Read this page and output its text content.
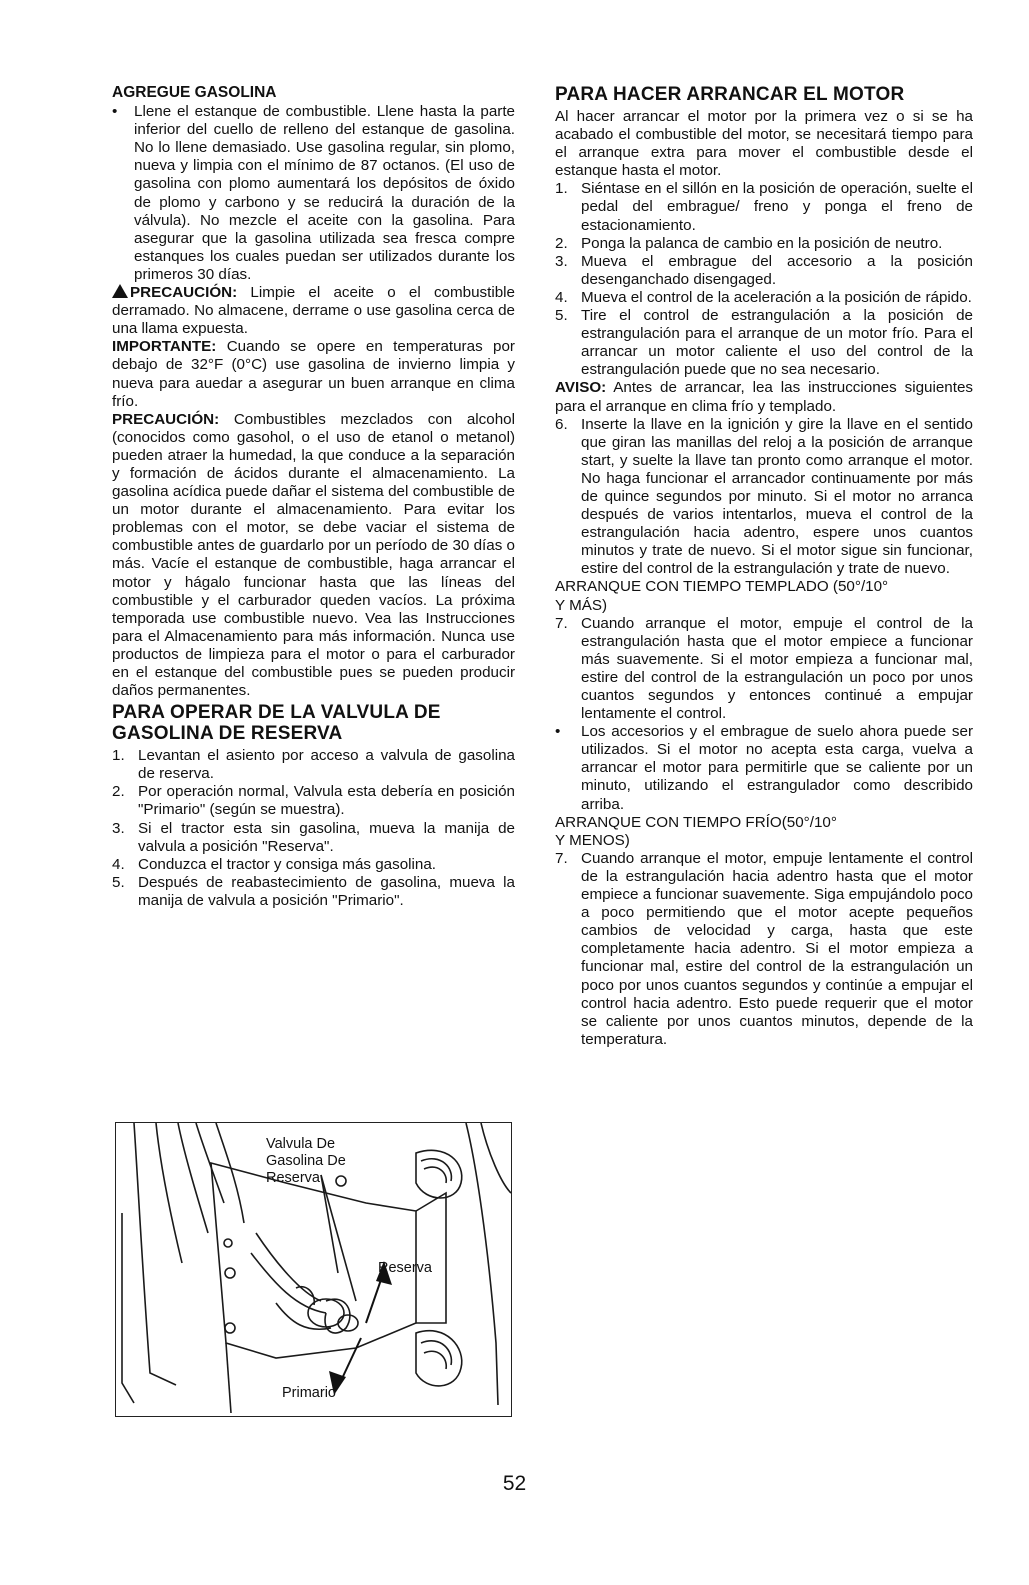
AGREGUE GASOLINA
•	Llene el estanque de combustible. Llene hasta la parte inferior del cuello de relleno del estanque de gasolina. No lo llene demasiado. Use gasolina regular, sin plomo, nueva y limpia con el mínimo de 87 octanos. (El uso de gasolina con plomo aumentará los depósitos de óxido de plomo y carbono y se reducirá la duración de la válvula). No mezcle el aceite con la gasolina. Para asegurar que la gasolina utilizada sea fresca compre estanques los cuales puedan ser utilizados durante los primeros 30 días.

PRECAUCIÓN: Limpie el aceite o el combustible derramado. No almacene, derrame o use gasolina cerca de una llama expuesta.

IMPORTANTE: Cuando se opere en temperaturas por debajo de 32°F (0°C) use gasolina de invierno limpia y nueva para auedar a asegurar un buen arranque en clima frío.

PRECAUCIÓN: Combustibles mezclados con alcohol (conocidos como gasohol, o el uso de etanol o metanol) pueden atraer la humedad, la que conduce a la separación y formación de ácidos durante el almacenamiento. La gasolina acídica puede dañar el sistema del combustible de un motor durante el almacenamiento. Para evitar los problemas con el motor, se debe vaciar el sistema de combustible antes de guardarlo por un período de 30 días o más. Vacíe el estanque de combustible, haga arrancar el motor y hágalo funcionar hasta que las líneas del combustible y el carburador queden vacíos. La próxima temporada use combustible nuevo. Vea las Instrucciones para el Almacenamiento para más información. Nunca use productos de limpieza para el motor o para el carburador en el estanque del combustible pues se pueden producir daños permanentes.

PARA OPERAR DE LA VALVULA DE GASOLINA DE RESERVA
1. Levantan el asiento por acceso a valvula de gasolina de reserva.
2. Por operación normal, Valvula esta debería en posición "Primario" (según se muestra).
3. Si el tractor esta sin gasolina, mueva la manija de valvula a posición "Reserva".
4. Conduzca el tractor y consiga más gasolina.
5. Después de reabastecimiento de gasolina, mueva la manija de valvula a posición "Primario".
Valvula De
Gasolina De
Reserva
Reserva
Primario
PARA HACER ARRANCAR EL MOTOR

Al hacer arrancar el motor por la primera vez o si se ha acabado el combustible del motor, se necesitará tiempo para el arranque extra para mover el combustible desde el estanque hasta el motor.

1. Siéntase en el sillón en la posición de operación, suelte el pedal del embrague/ freno y ponga el freno de estacionamiento.
2. Ponga la palanca de cambio en la posición de neutro.
3. Mueva el embrague del accesorio a la posición desenganchado disengaged.
4. Mueva el control de la aceleración a la posición de rápido.
5. Tire el control de estrangulación a la posición de estrangulación para el arranque de un motor frío. Para el arrancar un motor caliente el uso del control de la estrangulación puede que no sea necesario.

AVISO: Antes de arrancar, lea las instrucciones siguientes para el arranque en clima frío y templado.

6. Inserte la llave en la ignición y gire la llave en el sentido que giran las manillas del reloj a la posición de arranque start, y suelte la llave tan pronto como arranque el motor. No haga funcionar el arrancador continuamente por más de quince segundos por minuto. Si el motor no arranca después de varios intentarlos, mueva el control de la estrangulación hacia adentro, espere unos cuantos minutos y trate de nuevo. Si el motor sigue sin funcionar, estire del control de la estrangulación y trate de nuevo.
ARRANQUE CON TIEMPO TEMPLADO (50°/10°
Y MÁS)
7. Cuando arranque el motor, empuje el control de la estrangulación hasta que el motor empiece a funcionar más suavemente. Si el motor empieza a funcionar mal, estire del control de la estrangulación un poco por unos cuantos segundos y entonces continué a empujar lentamente el control.
•	Los accesorios y el embrague de suelo ahora puede ser utilizados. Si el motor no acepta esta carga, vuelva a arrancar el motor para permitirle que se caliente por un minuto, utilizando el estrangulador como describido arriba.
ARRANQUE CON TIEMPO FRÍO(50°/10°
Y MENOS)
7. Cuando arranque el motor, empuje lentamente el control de la estrangulación hacia adentro hasta que el motor empiece a funcionar suavemente. Siga empujándolo poco a poco permitiendo que el motor acepte pequeños cambios de velocidad y carga, hasta que este completamente hacia adentro. Si el motor empieza a funcionar mal, estire del control de la estrangulación un poco por unos cuantos segundos y continúe a empujar el control hacia adentro. Esto puede requerir que el motor se caliente por unos cuantos minutos, depende de la temperatura.
52
